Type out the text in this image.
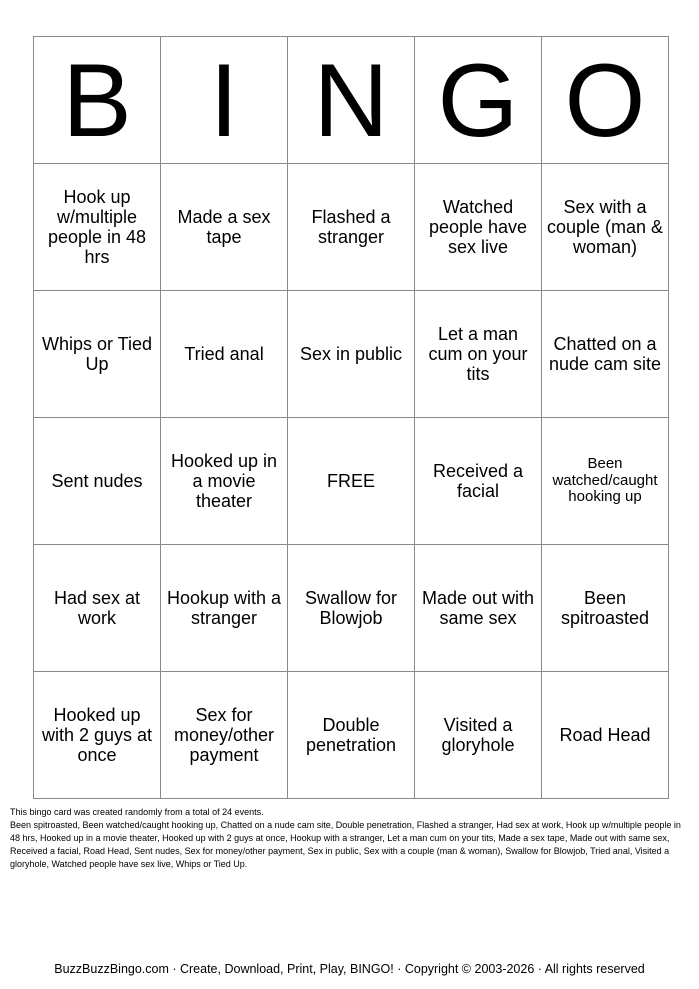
B	I	N	G	O

Hook up w/multiple people in 48 hrs	Made a sex tape	Flashed a stranger	Watched people have sex live	Sex with a couple (man & woman)

Whips or Tied Up	Tried anal	Sex in public	Let a man cum on your tits	Chatted on a nude cam site

Sent nudes	Hooked up in a movie theater	FREE	Received a facial	Been watched/caught hooking up

Had sex at work	Hookup with a stranger	Swallow for Blowjob	Made out with same sex	Been spitroasted

Hooked up with 2 guys at once	Sex for money/other payment	Double penetration	Visited a gloryhole	Road Head

This bingo card was created randomly from a total of 24 events.

Been spitroasted, Been watched/caught hooking up, Chatted on a nude cam site, Double penetration, Flashed a stranger, Had sex at work, Hook up w/multiple people in 48 hrs, Hooked up in a movie theater, Hooked up with 2 guys at once, Hookup with a stranger, Let a man cum on your tits, Made a sex tape, Made out with same sex, Received a facial, Road Head, Sent nudes, Sex for money/other payment, Sex in public, Sex with a couple (man & woman), Swallow for Blowjob, Tried anal, Visited a gloryhole, Watched people have sex live, Whips or Tied Up.

BuzzBuzzBingo.com · Create, Download, Print, Play, BINGO! · Copyright © 2003-2026 · All rights reserved
